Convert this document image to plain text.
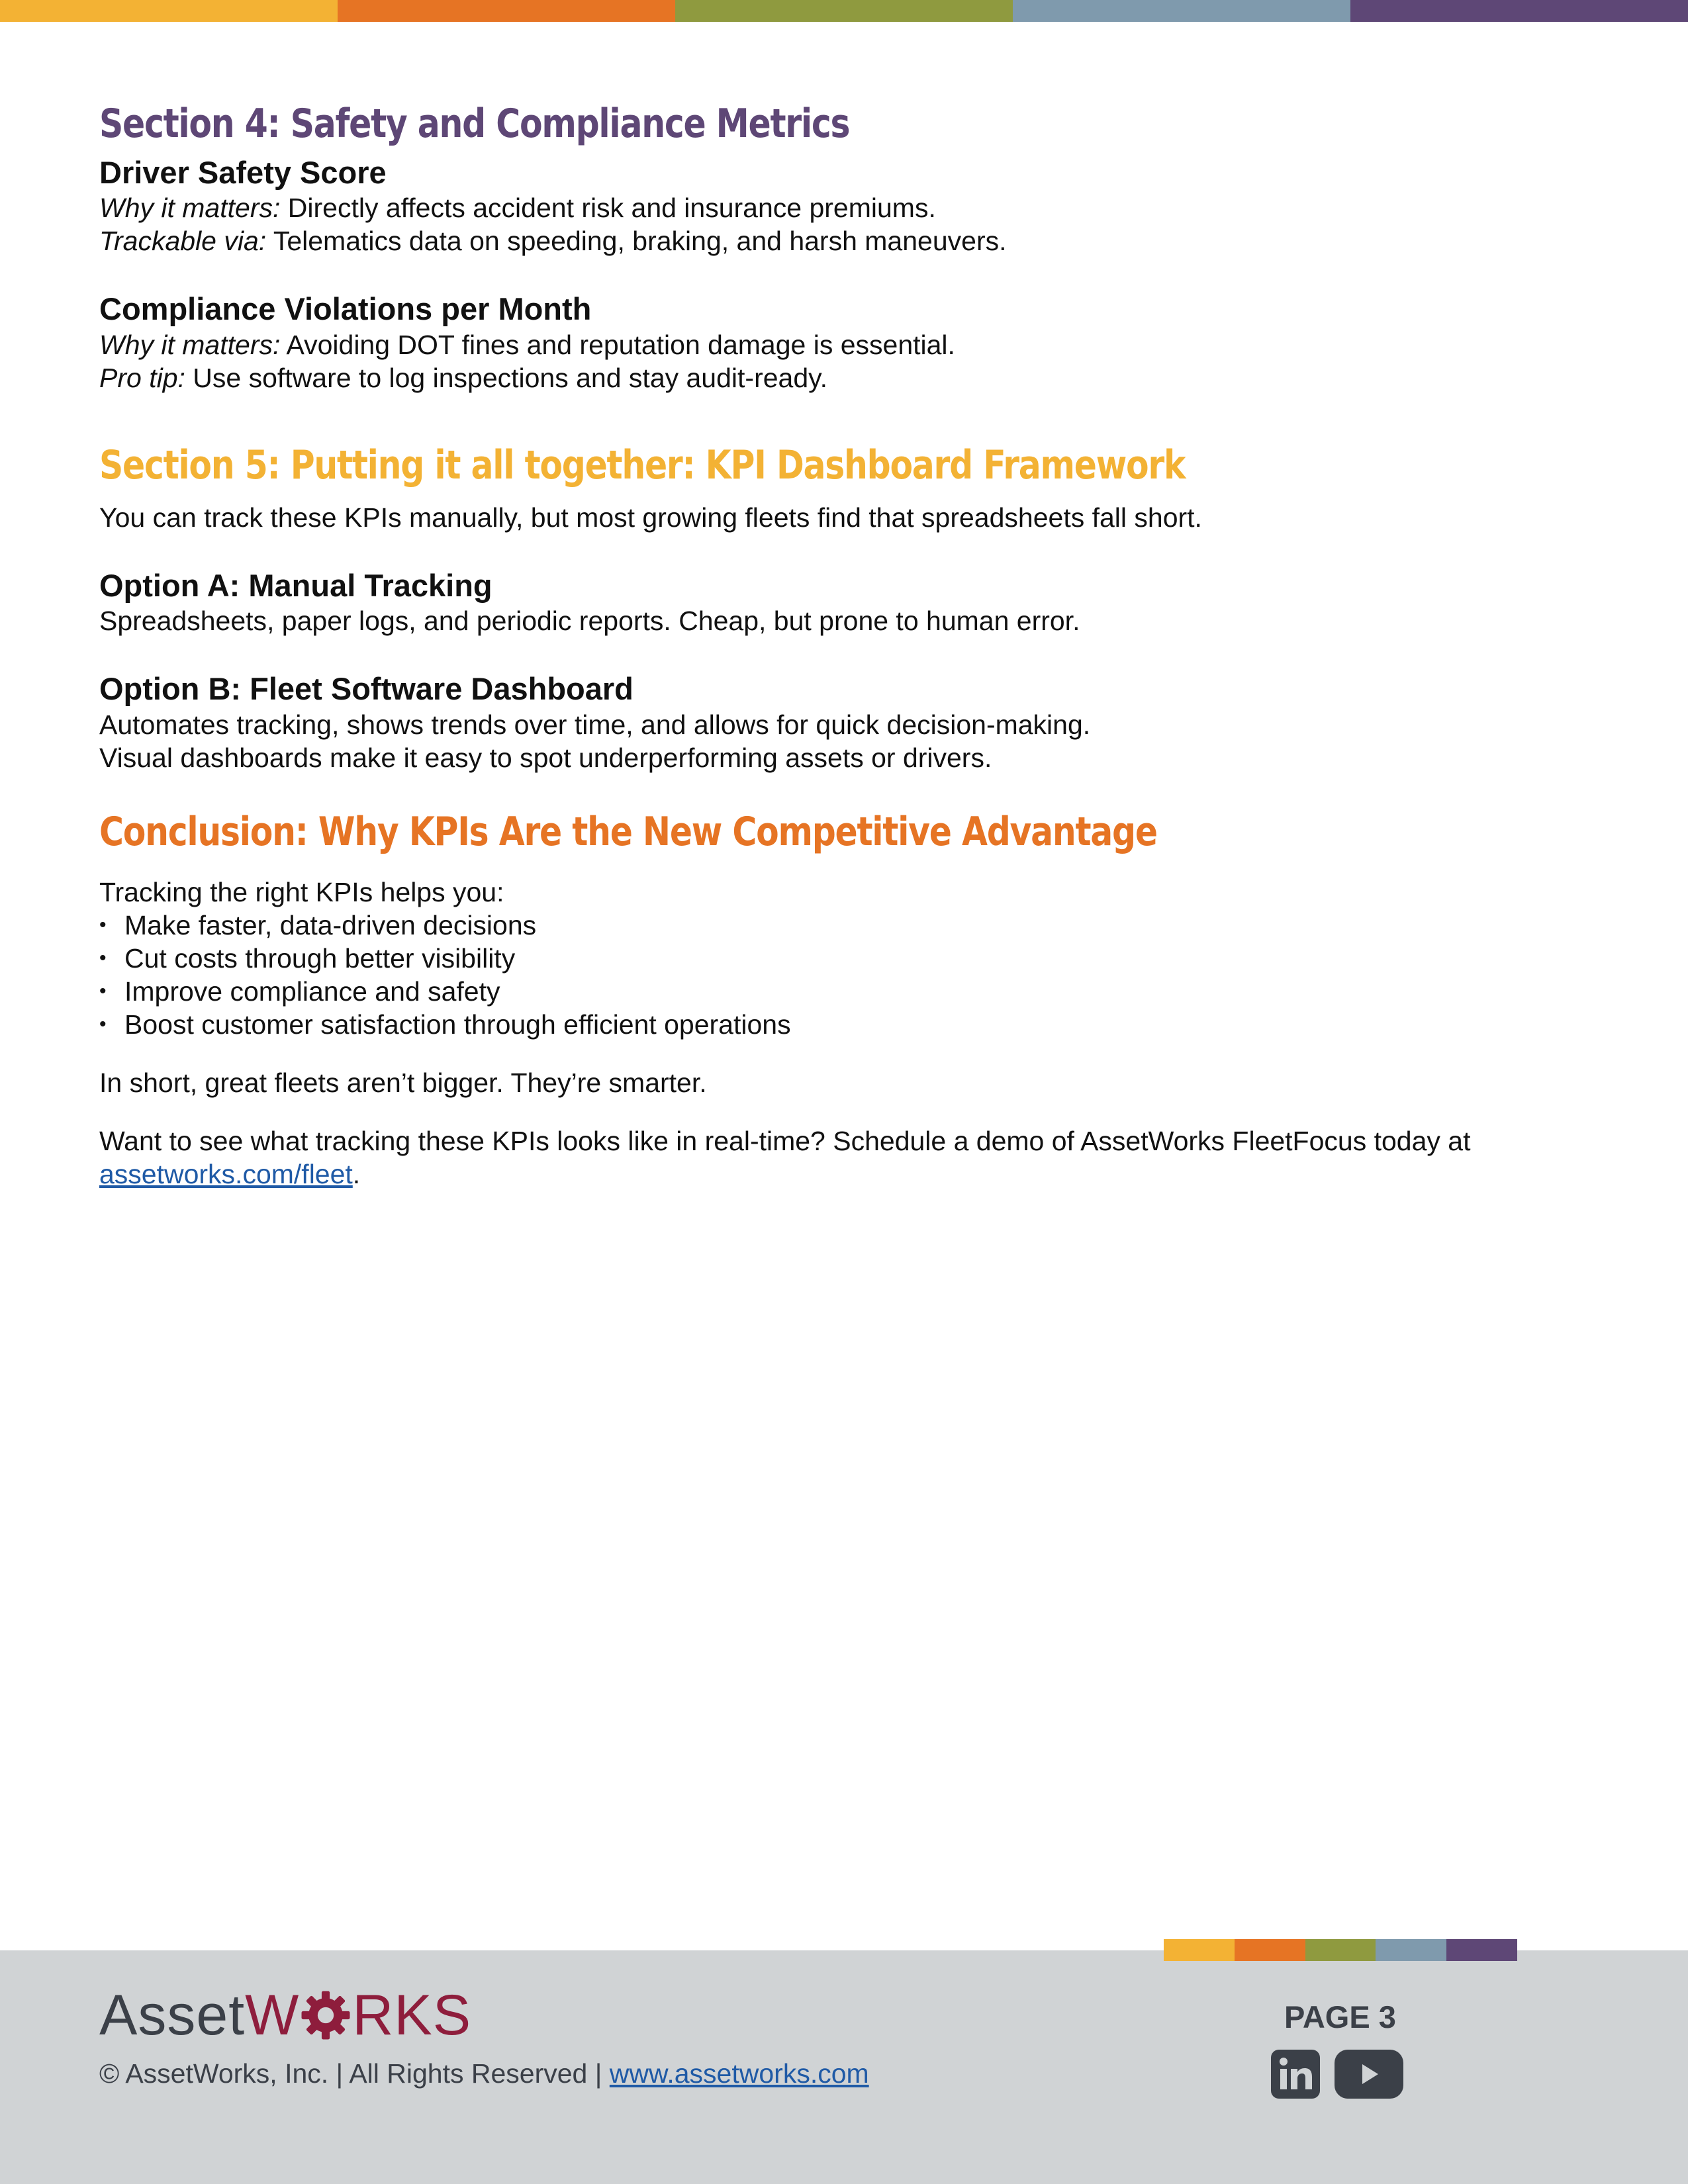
Section 4: Safety and Compliance Metrics
Driver Safety Score
Why it matters: Directly affects accident risk and insurance premiums.
Trackable via: Telematics data on speeding, braking, and harsh maneuvers.
Compliance Violations per Month
Why it matters: Avoiding DOT fines and reputation damage is essential.
Pro tip: Use software to log inspections and stay audit-ready.
Section 5: Putting it all together: KPI Dashboard Framework

You can track these KPIs manually, but most growing fleets find that spreadsheets fall short.

Option A: Manual Tracking
Spreadsheets, paper logs, and periodic reports. Cheap, but prone to human error.
Option B: Fleet Software Dashboard
Automates tracking, shows trends over time, and allows for quick decision-making.
Visual dashboards make it easy to spot underperforming assets or drivers.
Conclusion: Why KPIs Are the New Competitive Advantage

Tracking the right KPIs helps you:

• Make faster, data-driven decisions
• Cut costs through better visibility
• Improve compliance and safety
• Boost customer satisfaction through efficient operations

In short, great fleets aren’t bigger. They’re smarter.

Want to see what tracking these KPIs looks like in real-time? Schedule a demo of AssetWorks FleetFocus today at
assetworks.com/fleet.

Asset W RKS
© AssetWorks, Inc. | All Rights Reserved | www.assetworks.com
PAGE 3
